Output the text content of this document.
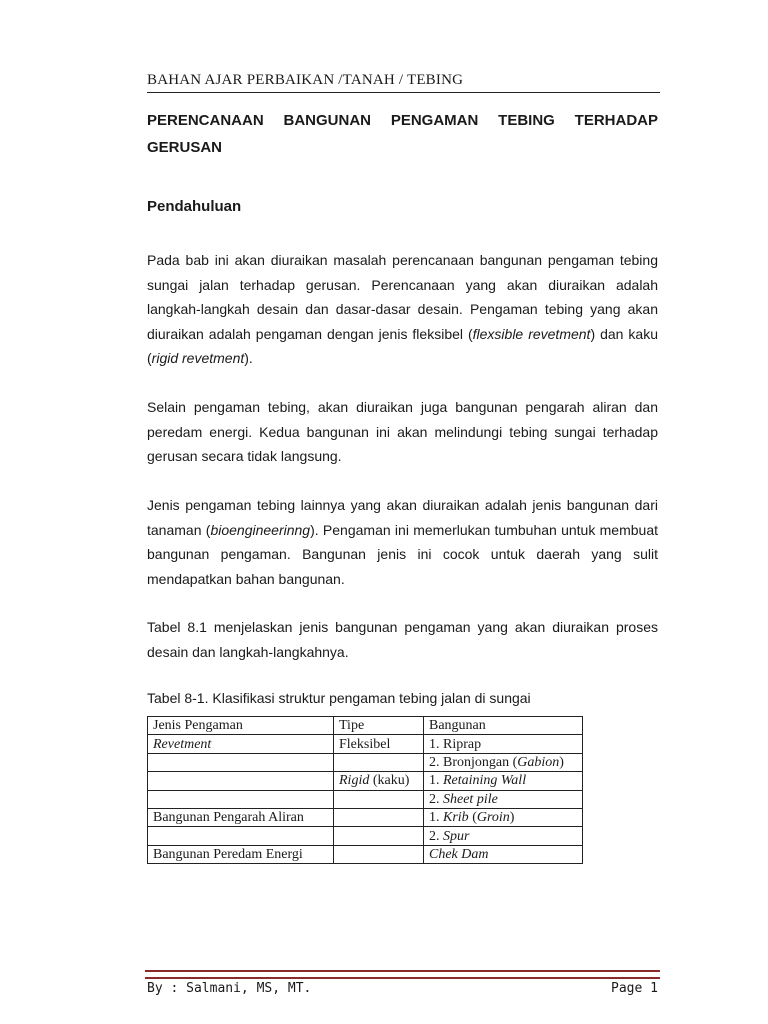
BAHAN AJAR PERBAIKAN /TANAH / TEBING
PERENCANAAN BANGUNAN PENGAMAN TEBING TERHADAP GERUSAN
Pendahuluan

Pada bab ini akan diuraikan masalah perencanaan bangunan pengaman tebing sungai jalan terhadap gerusan. Perencanaan yang akan diuraikan adalah langkah-langkah desain dan dasar-dasar desain. Pengaman tebing yang akan diuraikan adalah pengaman dengan jenis fleksibel (flexsible revetment) dan kaku (rigid revetment).

Selain pengaman tebing, akan diuraikan juga bangunan pengarah aliran dan peredam energi. Kedua bangunan ini akan melindungi tebing sungai terhadap gerusan secara tidak langsung.

Jenis pengaman tebing lainnya yang akan diuraikan adalah jenis bangunan dari tanaman (bioengineerinng). Pengaman ini memerlukan tumbuhan untuk membuat bangunan pengaman. Bangunan jenis ini cocok untuk daerah yang sulit mendapatkan bahan bangunan.

Tabel 8.1 menjelaskan jenis bangunan pengaman yang akan diuraikan proses desain dan langkah-langkahnya.

Tabel 8-1. Klasifikasi struktur pengaman tebing jalan di sungai
Jenis Pengaman	Tipe	Bangunan
Revetment	Fleksibel	1. Riprap
		2. Bronjongan (Gabion)
	Rigid (kaku)	1. Retaining Wall
		2. Sheet pile
Bangunan Pengarah Aliran		1. Krib (Groin)
		2. Spur
Bangunan Peredam Energi		Chek Dam
By : Salmani, MS, MT.	Page 1
